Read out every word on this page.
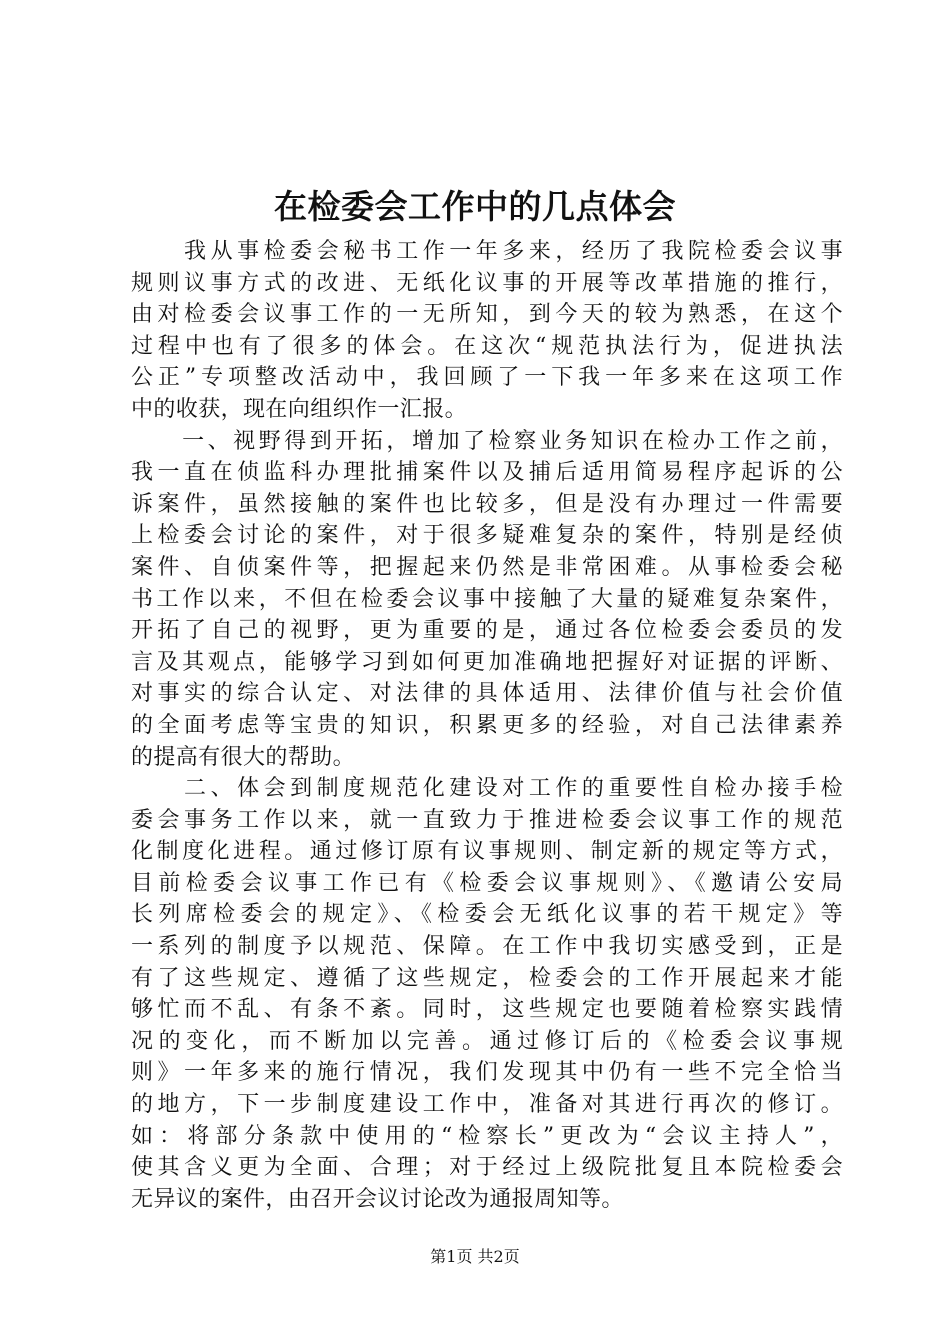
在检委会工作中的几点体会
　　我从事检委会秘书工作一年多来，经历了我院检委会议事
规则议事方式的改进、无纸化议事的开展等改革措施的推行，
由对检委会议事工作的一无所知，到今天的较为熟悉，在这个
过程中也有了很多的体会。在这次“规范执法行为，促进执法
公正”专项整改活动中，我回顾了一下我一年多来在这项工作
中的收获，现在向组织作一汇报。
　　一、视野得到开拓，增加了检察业务知识在检办工作之前，
我一直在侦监科办理批捕案件以及捕后适用简易程序起诉的公
诉案件，虽然接触的案件也比较多，但是没有办理过一件需要
上检委会讨论的案件，对于很多疑难复杂的案件，特别是经侦
案件、自侦案件等，把握起来仍然是非常困难。从事检委会秘
书工作以来，不但在检委会议事中接触了大量的疑难复杂案件，
开拓了自己的视野，更为重要的是，通过各位检委会委员的发
言及其观点，能够学习到如何更加准确地把握好对证据的评断、
对事实的综合认定、对法律的具体适用、法律价值与社会价值
的全面考虑等宝贵的知识，积累更多的经验，对自己法律素养
的提高有很大的帮助。
　　二、体会到制度规范化建设对工作的重要性自检办接手检
委会事务工作以来，就一直致力于推进检委会议事工作的规范
化制度化进程。通过修订原有议事规则、制定新的规定等方式，
目前检委会议事工作已有《检委会议事规则》、《邀请公安局
长列席检委会的规定》、《检委会无纸化议事的若干规定》等
一系列的制度予以规范、保障。在工作中我切实感受到，正是
有了这些规定、遵循了这些规定，检委会的工作开展起来才能
够忙而不乱、有条不紊。同时，这些规定也要随着检察实践情
况的变化，而不断加以完善。通过修订后的《检委会议事规
则》一年多来的施行情况，我们发现其中仍有一些不完全恰当
的地方，下一步制度建设工作中，准备对其进行再次的修订。
如：将部分条款中使用的“检察长”更改为“会议主持人”，
使其含义更为全面、合理；对于经过上级院批复且本院检委会
无异议的案件，由召开会议讨论改为通报周知等。
第1页 共2页
